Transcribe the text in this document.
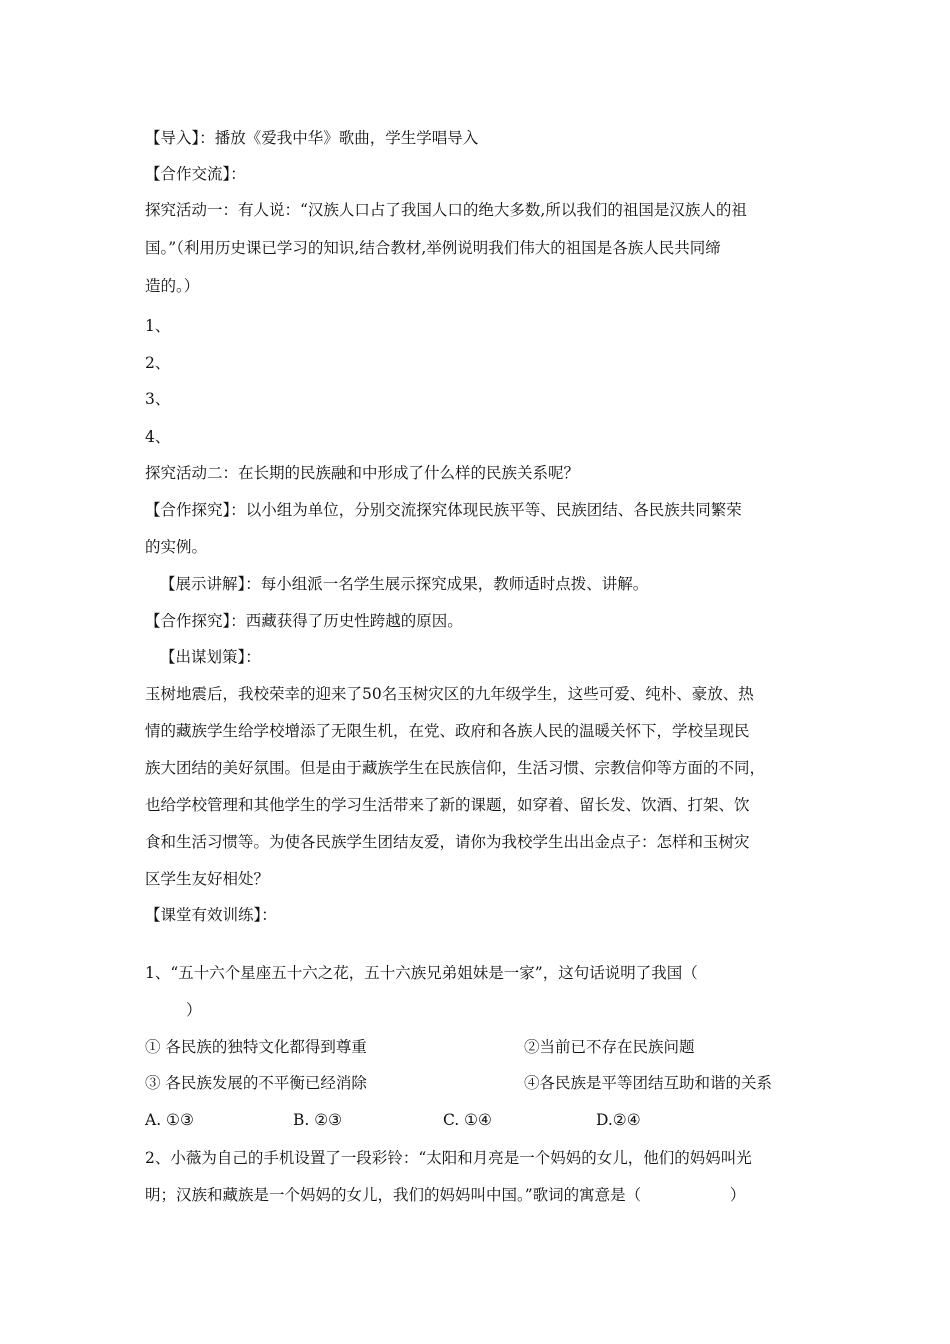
【导入】：播放《爱我中华》歌曲，学生学唱导入
【合作交流】：
探究活动一：有人说：“汉族人口占了我国人口的绝大多数,所以我们的祖国是汉族人的祖
国。”（利用历史课已学习的知识,结合教材,举例说明我们伟大的祖国是各族人民共同缔
造的。）
1、
2、
3、
4、
探究活动二：在长期的民族融和中形成了什么样的民族关系呢？
【合作探究】：以小组为单位，分别交流探究体现民族平等、民族团结、各民族共同繁荣
的实例。
【展示讲解】：每小组派一名学生展示探究成果，教师适时点拨、讲解。
【合作探究】：西藏获得了历史性跨越的原因。
【出谋划策】：
玉树地震后，我校荣幸的迎来了50名玉树灾区的九年级学生，这些可爱、纯朴、豪放、热
情的藏族学生给学校增添了无限生机，在党、政府和各族人民的温暖关怀下，学校呈现民
族大团结的美好氛围。但是由于藏族学生在民族信仰，生活习惯、宗教信仰等方面的不同，
也给学校管理和其他学生的学习生活带来了新的课题，如穿着、留长发、饮酒、打架、饮
食和生活习惯等。为使各民族学生团结友爱，请你为我校学生出出金点子：怎样和玉树灾
区学生友好相处？
【课堂有效训练】：
1、“五十六个星座五十六之花，五十六族兄弟姐妹是一家”，这句话说明了我国（
）
① 各民族的独特文化都得到尊重	②当前已不存在民族问题
③ 各民族发展的不平衡已经消除	④各民族是平等团结互助和谐的关系
A. ①③	B. ②③	C. ①④	D.②④
2、小薇为自己的手机设置了一段彩铃：“太阳和月亮是一个妈妈的女儿，他们的妈妈叫光
明；汉族和藏族是一个妈妈的女儿，我们的妈妈叫中国。”歌词的寓意是（                  ）
